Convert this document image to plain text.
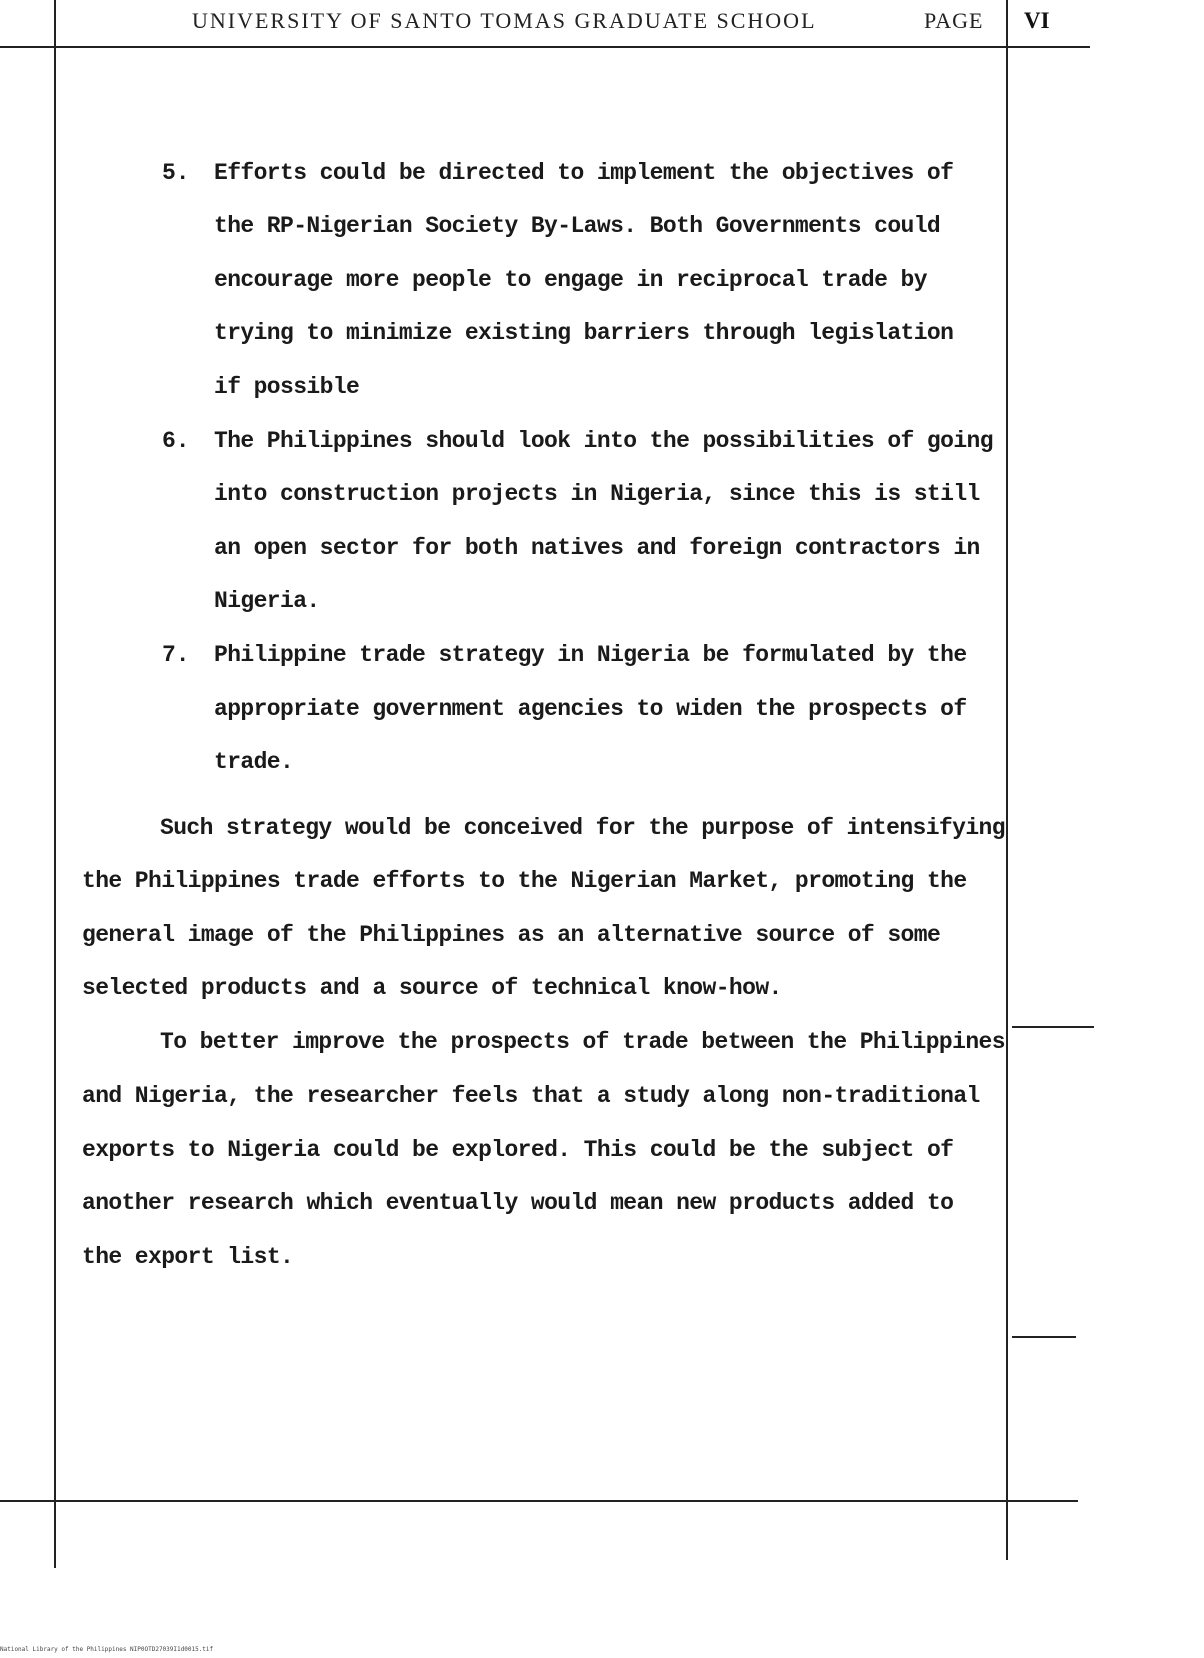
UNIVERSITY OF SANTO TOMAS GRADUATE SCHOOL	PAGE VI
5. Efforts could be directed to implement the objectives of
the RP-Nigerian Society By-Laws. Both Governments could
encourage more people to engage in reciprocal trade by
trying to minimize existing barriers through legislation
if possible
6. The Philippines should look into the possibilities of going
into construction projects in Nigeria, since this is still
an open sector for both natives and foreign contractors in
Nigeria.
7. Philippine trade strategy in Nigeria be formulated by the
appropriate government agencies to widen the prospects of
trade.
Such strategy would be conceived for the purpose of intensifying
the Philippines trade efforts to the Nigerian Market, promoting the
general image of the Philippines as an alternative source of some
selected products and a source of technical know-how.
To better improve the prospects of trade between the Philippines
and Nigeria, the researcher feels that a study along non-traditional
exports to Nigeria could be explored. This could be the subject of
another research which eventually would mean new products added to
the export list.
National Library of the Philippines NIP0OTD27039I1d0015.tif
